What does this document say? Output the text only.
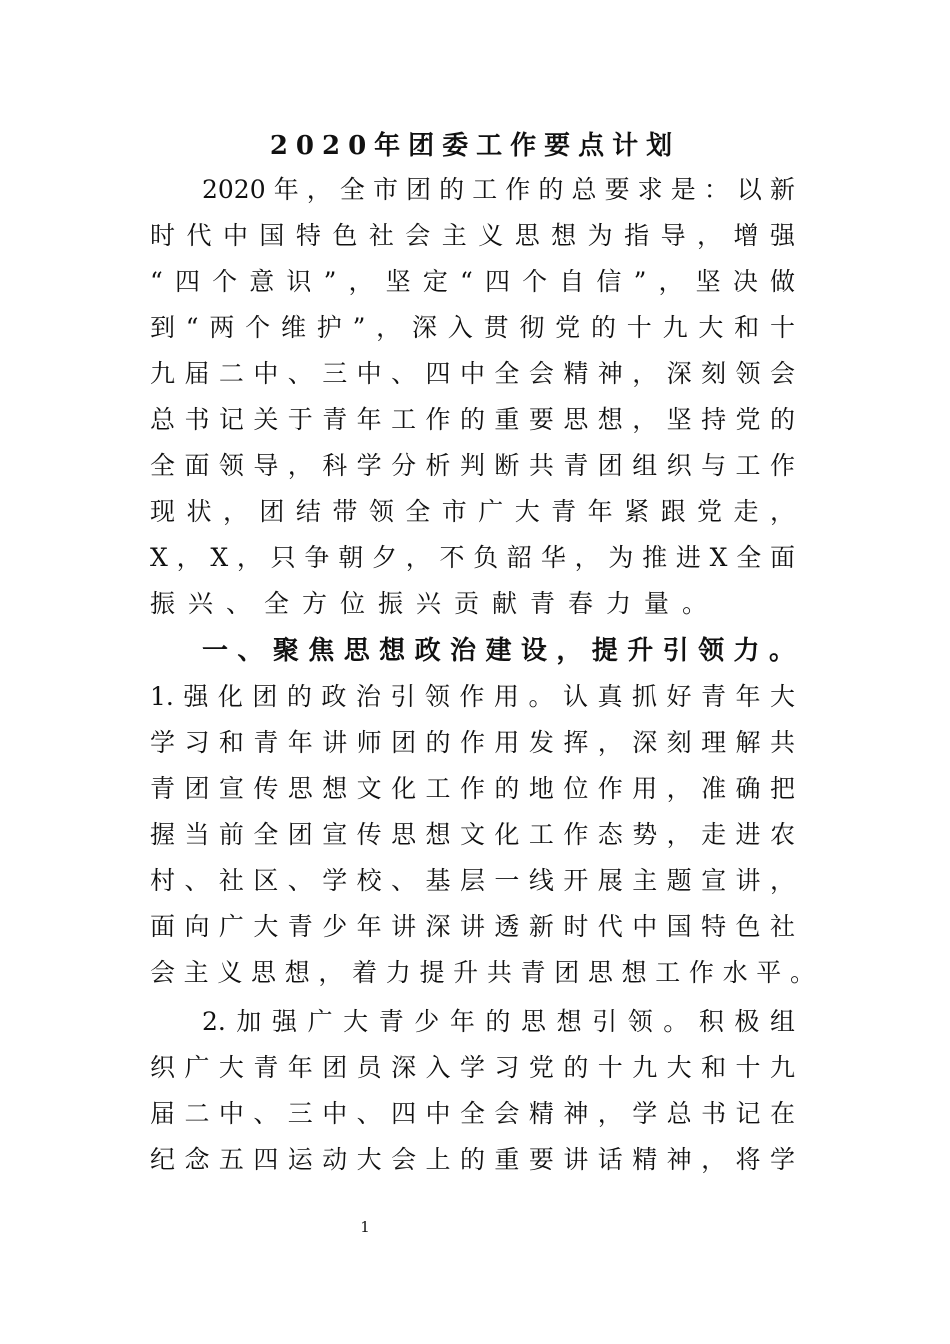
2020年团委工作要点计划
2020年，全市团的工作的总要求是：以新
时代中国特色社会主义思想为指导，增强
“四个意识”，坚定“四个自信”，坚决做
到“两个维护”，深入贯彻党的十九大和十
九届二中、三中、四中全会精神，深刻领会
总书记关于青年工作的重要思想，坚持党的
全面领导，科学分析判断共青团组织与工作
现状，团结带领全市广大青年紧跟党走，
X，X，只争朝夕，不负韶华，为推进X全面
振兴、全方位振兴贡献青春力量。
一、聚焦思想政治建设，提升引领力。
1.强化团的政治引领作用。认真抓好青年大
学习和青年讲师团的作用发挥，深刻理解共
青团宣传思想文化工作的地位作用，准确把
握当前全团宣传思想文化工作态势，走进农
村、社区、学校、基层一线开展主题宣讲，
面向广大青少年讲深讲透新时代中国特色社
会主义思想，着力提升共青团思想工作水平。
2.加强广大青少年的思想引领。积极组
织广大青年团员深入学习党的十九大和十九
届二中、三中、四中全会精神，学总书记在
纪念五四运动大会上的重要讲话精神，将学
1
